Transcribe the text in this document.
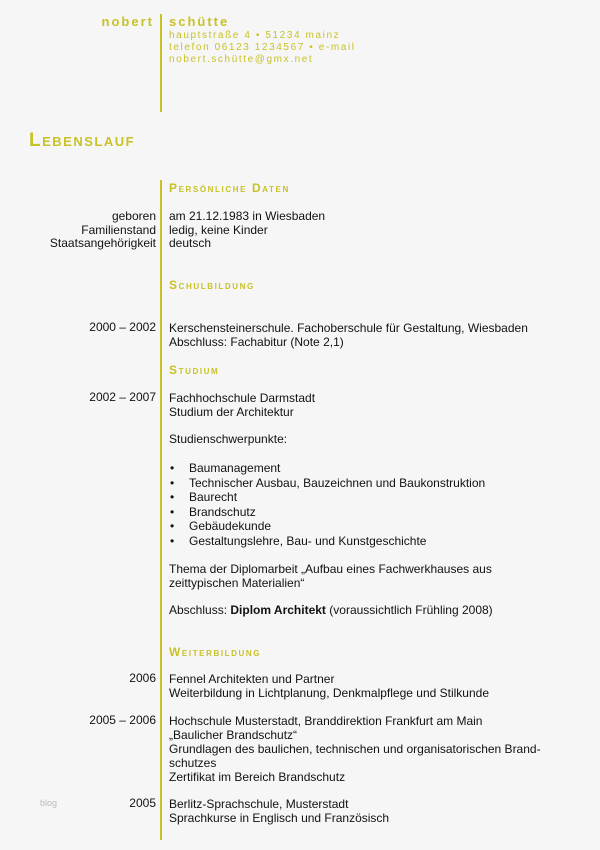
nobert schütte
hauptstraße 4 • 51234 mainz
telefon 06123 1234567 • e-mail
nobert.schütte@gmx.net
Lebenslauf
Persönliche Daten
geboren
Familienstand
Staatsangehörigkeit
am 21.12.1983 in Wiesbaden
ledig, keine Kinder
deutsch
Schulbildung
2000 – 2002 Kerschensteinerschule. Fachoberschule für Gestaltung, Wiesbaden
Abschluss: Fachabitur (Note 2,1)
Studium
2002 – 2007 Fachhochschule Darmstadt
Studium der Architektur
Studienschwerpunkte:
• Baumanagement
• Technischer Ausbau, Bauzeichnen und Baukonstruktion
• Baurecht
• Brandschutz
• Gebäudekunde
• Gestaltungslehre, Bau- und Kunstgeschichte
Thema der Diplomarbeit „Aufbau eines Fachwerkhauses aus
zeittypischen Materialien“
Abschluss: Diplom Architekt (voraussichtlich Frühling 2008)
Weiterbildung
2006 Fennel Architekten und Partner
Weiterbildung in Lichtplanung, Denkmalpflege und Stilkunde
2005 – 2006 Hochschule Musterstadt, Branddirektion Frankfurt am Main
„Baulicher Brandschutz“
Grundlagen des baulichen, technischen und organisatorischen Brand-
schutzes
Zertifikat im Bereich Brandschutz
2005 Berlitz-Sprachschule, Musterstadt
Sprachkurse in Englisch und Französisch
blog
